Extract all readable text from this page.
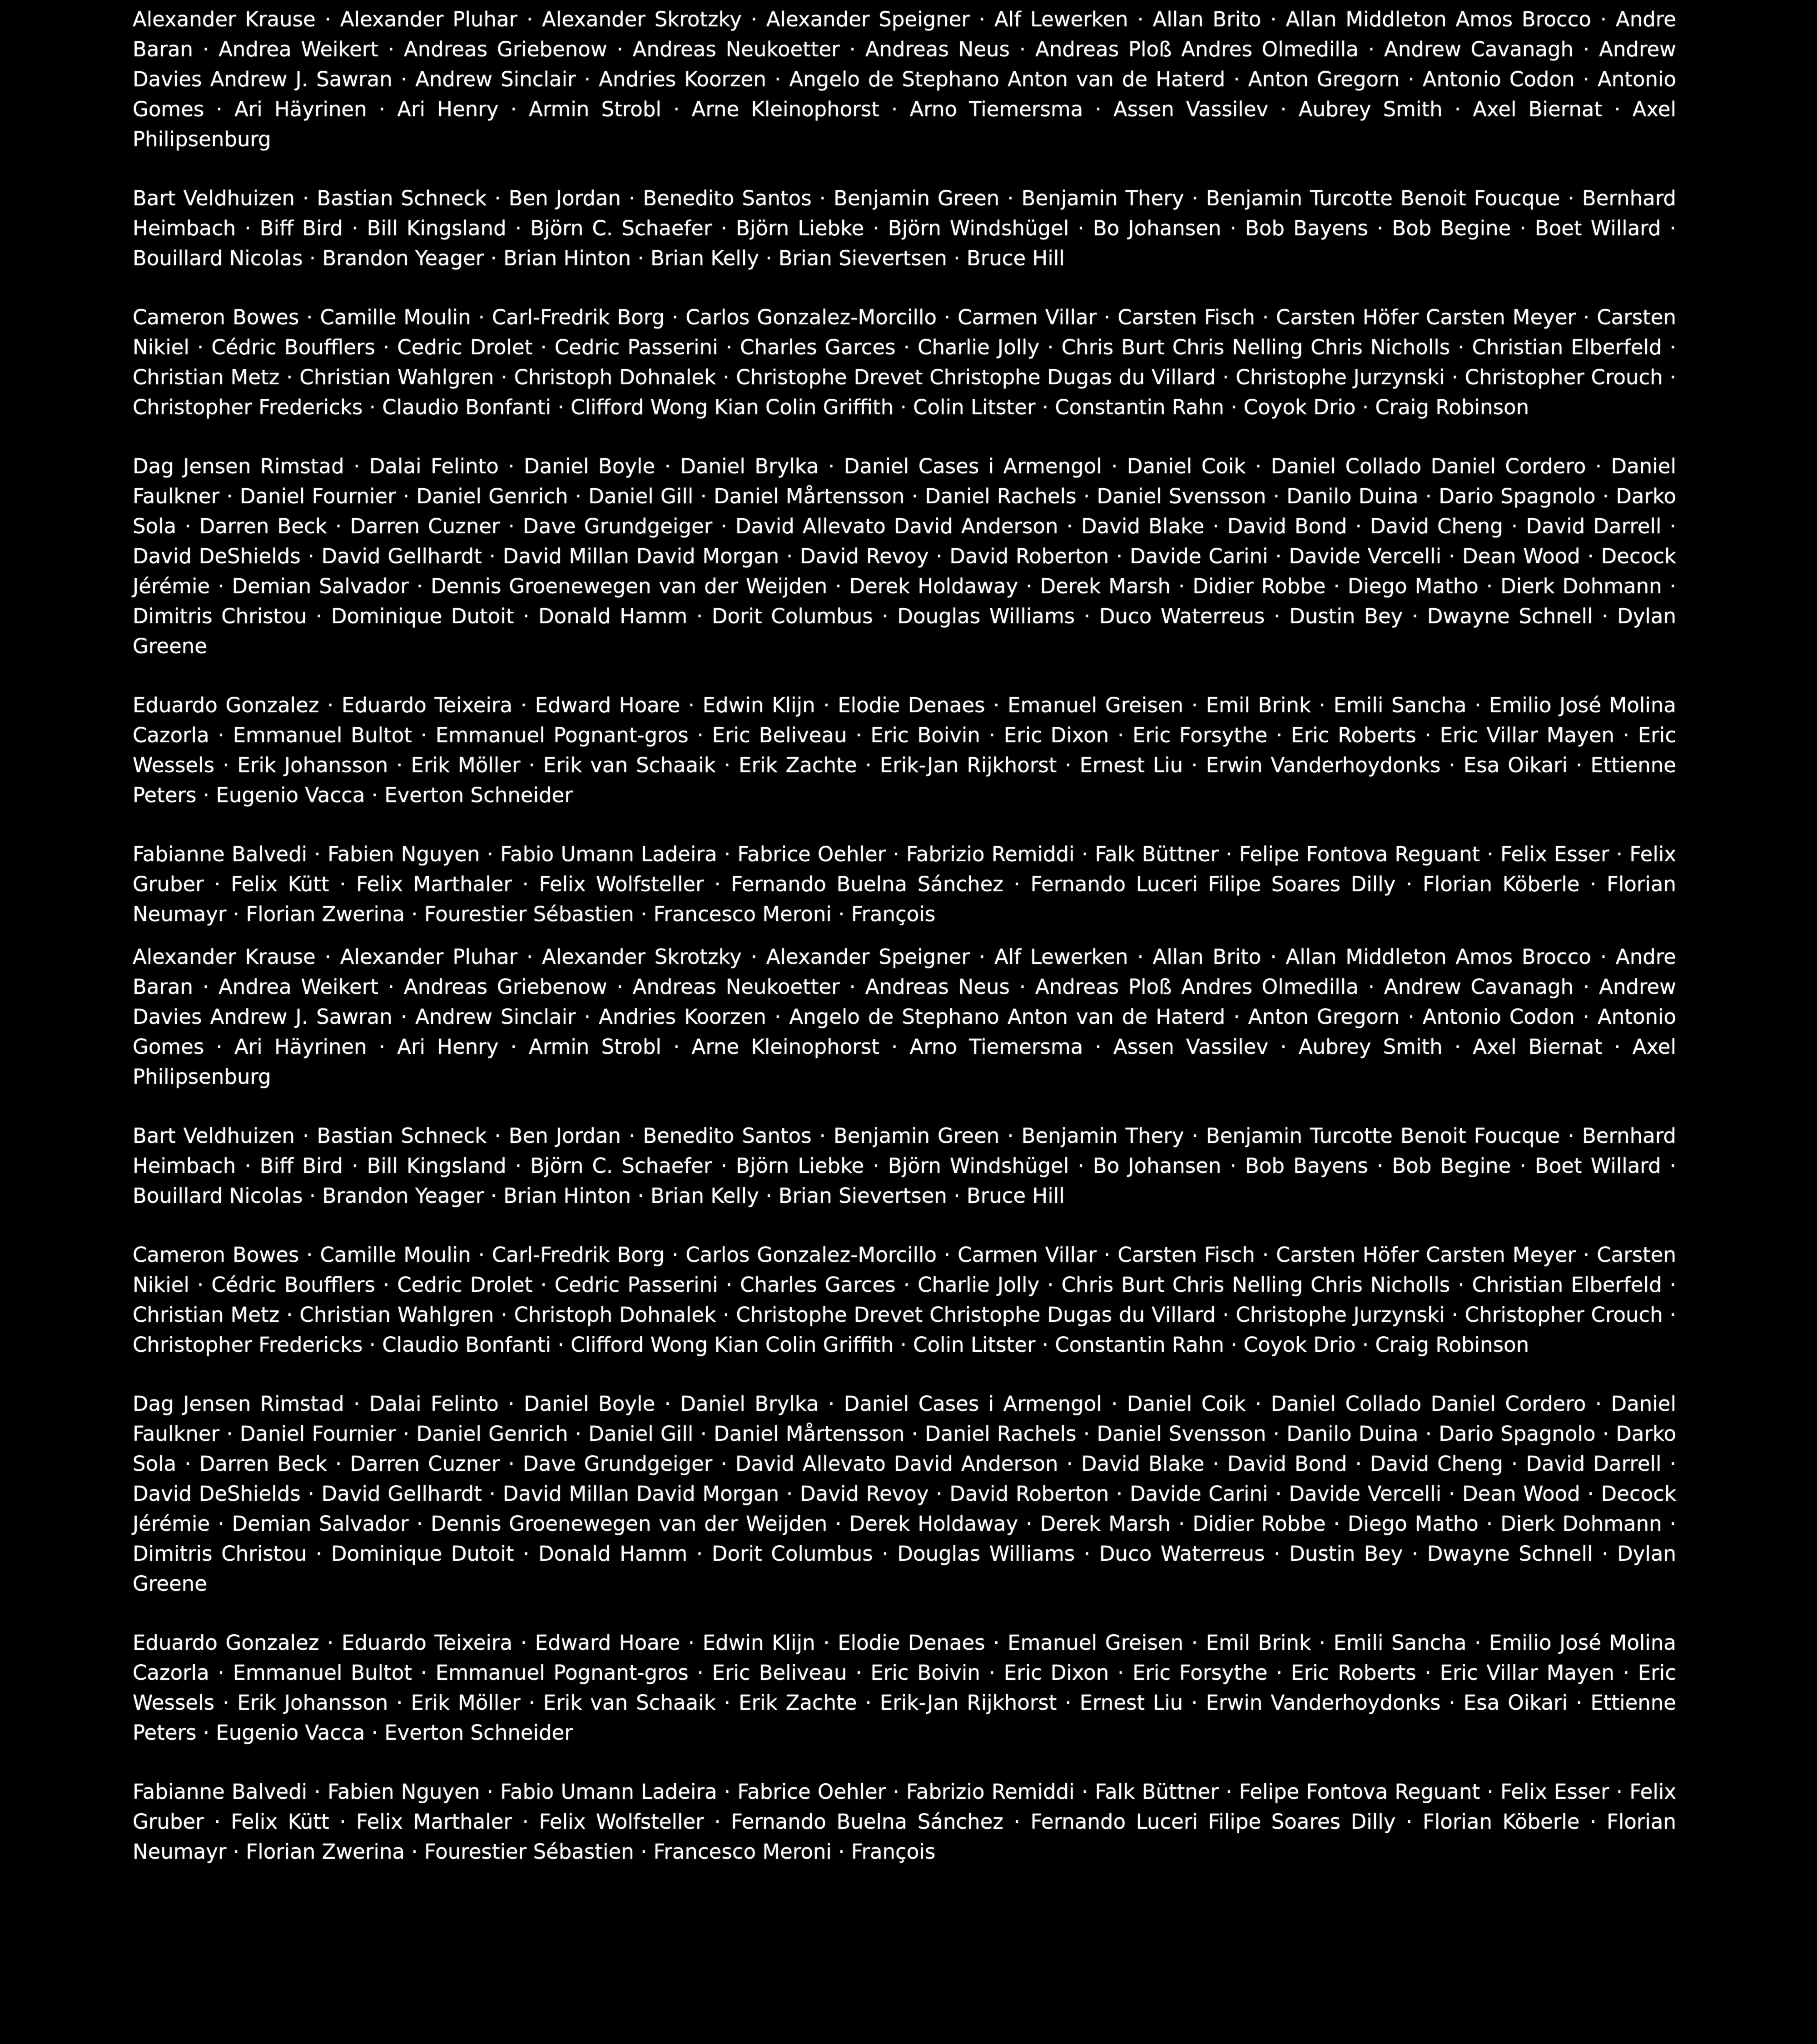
Alexander Krause · Alexander Pluhar · Alexander Skrotzky · Alexander Speigner · Alf Lewerken · Allan Brito · Allan Middleton Amos Brocco · Andre Baran · Andrea Weikert · Andreas Griebenow · Andreas Neukoetter · Andreas Neus · Andreas Ploß Andres Olmedilla · Andrew Cavanagh · Andrew Davies Andrew J. Sawran · Andrew Sinclair · Andries Koorzen · Angelo de Stephano Anton van de Haterd · Anton Gregorn · Antonio Codon · Antonio Gomes · Ari Häyrinen · Ari Henry · Armin Strobl · Arne Kleinophorst · Arno Tiemersma · Assen Vassilev · Aubrey Smith · Axel Biernat · Axel Philipsenburg

Bart Veldhuizen · Bastian Schneck · Ben Jordan · Benedito Santos · Benjamin Green · Benjamin Thery · Benjamin Turcotte Benoit Foucque · Bernhard Heimbach · Biff Bird · Bill Kingsland · Björn C. Schaefer · Björn Liebke · Björn Windshügel · Bo Johansen · Bob Bayens · Bob Begine · Boet Willard · Bouillard Nicolas · Brandon Yeager · Brian Hinton · Brian Kelly · Brian Sievertsen · Bruce Hill

Cameron Bowes · Camille Moulin · Carl-Fredrik Borg · Carlos Gonzalez-Morcillo · Carmen Villar · Carsten Fisch · Carsten Höfer Carsten Meyer · Carsten Nikiel · Cédric Boufflers · Cedric Drolet · Cedric Passerini · Charles Garces · Charlie Jolly · Chris Burt Chris Nelling Chris Nicholls · Christian Elberfeld · Christian Metz · Christian Wahlgren · Christoph Dohnalek · Christophe Drevet Christophe Dugas du Villard · Christophe Jurzynski · Christopher Crouch · Christopher Fredericks · Claudio Bonfanti · Clifford Wong Kian Colin Griffith · Colin Litster · Constantin Rahn · Coyok Drio · Craig Robinson

Dag Jensen Rimstad · Dalai Felinto · Daniel Boyle · Daniel Brylka · Daniel Cases i Armengol · Daniel Coik · Daniel Collado Daniel Cordero · Daniel Faulkner · Daniel Fournier · Daniel Genrich · Daniel Gill · Daniel Mårtensson · Daniel Rachels · Daniel Svensson · Danilo Duina · Dario Spagnolo · Darko Sola · Darren Beck · Darren Cuzner · Dave Grundgeiger · David Allevato David Anderson · David Blake · David Bond · David Cheng · David Darrell · David DeShields · David Gellhardt · David Millan David Morgan · David Revoy · David Roberton · Davide Carini · Davide Vercelli · Dean Wood · Decock Jérémie · Demian Salvador · Dennis Groenewegen van der Weijden · Derek Holdaway · Derek Marsh · Didier Robbe · Diego Matho · Dierk Dohmann · Dimitris Christou · Dominique Dutoit · Donald Hamm · Dorit Columbus · Douglas Williams · Duco Waterreus · Dustin Bey · Dwayne Schnell · Dylan Greene

Eduardo Gonzalez · Eduardo Teixeira · Edward Hoare · Edwin Klijn · Elodie Denaes · Emanuel Greisen · Emil Brink · Emili Sancha · Emilio José Molina Cazorla · Emmanuel Bultot · Emmanuel Pognant-gros · Eric Beliveau · Eric Boivin · Eric Dixon · Eric Forsythe · Eric Roberts · Eric Villar Mayen · Eric Wessels · Erik Johansson · Erik Möller · Erik van Schaaik · Erik Zachte · Erik-Jan Rijkhorst · Ernest Liu · Erwin Vanderhoydonks · Esa Oikari · Ettienne Peters · Eugenio Vacca · Everton Schneider

Fabianne Balvedi · Fabien Nguyen · Fabio Umann Ladeira · Fabrice Oehler · Fabrizio Remiddi · Falk Büttner · Felipe Fontova Reguant · Felix Esser · Felix Gruber · Felix Kütt · Felix Marthaler · Felix Wolfsteller · Fernando Buelna Sánchez · Fernando Luceri Filipe Soares Dilly · Florian Köberle · Florian Neumayr · Florian Zwerina · Fourestier Sébastien · Francesco Meroni · François

Alexander Krause · Alexander Pluhar · Alexander Skrotzky · Alexander Speigner · Alf Lewerken · Allan Brito · Allan Middleton Amos Brocco · Andre Baran · Andrea Weikert · Andreas Griebenow · Andreas Neukoetter · Andreas Neus · Andreas Ploß Andres Olmedilla · Andrew Cavanagh · Andrew Davies Andrew J. Sawran · Andrew Sinclair · Andries Koorzen · Angelo de Stephano Anton van de Haterd · Anton Gregorn · Antonio Codon · Antonio Gomes · Ari Häyrinen · Ari Henry · Armin Strobl · Arne Kleinophorst · Arno Tiemersma · Assen Vassilev · Aubrey Smith · Axel Biernat · Axel Philipsenburg

Bart Veldhuizen · Bastian Schneck · Ben Jordan · Benedito Santos · Benjamin Green · Benjamin Thery · Benjamin Turcotte Benoit Foucque · Bernhard Heimbach · Biff Bird · Bill Kingsland · Björn C. Schaefer · Björn Liebke · Björn Windshügel · Bo Johansen · Bob Bayens · Bob Begine · Boet Willard · Bouillard Nicolas · Brandon Yeager · Brian Hinton · Brian Kelly · Brian Sievertsen · Bruce Hill

Cameron Bowes · Camille Moulin · Carl-Fredrik Borg · Carlos Gonzalez-Morcillo · Carmen Villar · Carsten Fisch · Carsten Höfer Carsten Meyer · Carsten Nikiel · Cédric Boufflers · Cedric Drolet · Cedric Passerini · Charles Garces · Charlie Jolly · Chris Burt Chris Nelling Chris Nicholls · Christian Elberfeld · Christian Metz · Christian Wahlgren · Christoph Dohnalek · Christophe Drevet Christophe Dugas du Villard · Christophe Jurzynski · Christopher Crouch · Christopher Fredericks · Claudio Bonfanti · Clifford Wong Kian Colin Griffith · Colin Litster · Constantin Rahn · Coyok Drio · Craig Robinson

Dag Jensen Rimstad · Dalai Felinto · Daniel Boyle · Daniel Brylka · Daniel Cases i Armengol · Daniel Coik · Daniel Collado Daniel Cordero · Daniel Faulkner · Daniel Fournier · Daniel Genrich · Daniel Gill · Daniel Mårtensson · Daniel Rachels · Daniel Svensson · Danilo Duina · Dario Spagnolo · Darko Sola · Darren Beck · Darren Cuzner · Dave Grundgeiger · David Allevato David Anderson · David Blake · David Bond · David Cheng · David Darrell · David DeShields · David Gellhardt · David Millan David Morgan · David Revoy · David Roberton · Davide Carini · Davide Vercelli · Dean Wood · Decock Jérémie · Demian Salvador · Dennis Groenewegen van der Weijden · Derek Holdaway · Derek Marsh · Didier Robbe · Diego Matho · Dierk Dohmann · Dimitris Christou · Dominique Dutoit · Donald Hamm · Dorit Columbus · Douglas Williams · Duco Waterreus · Dustin Bey · Dwayne Schnell · Dylan Greene

Eduardo Gonzalez · Eduardo Teixeira · Edward Hoare · Edwin Klijn · Elodie Denaes · Emanuel Greisen · Emil Brink · Emili Sancha · Emilio José Molina Cazorla · Emmanuel Bultot · Emmanuel Pognant-gros · Eric Beliveau · Eric Boivin · Eric Dixon · Eric Forsythe · Eric Roberts · Eric Villar Mayen · Eric Wessels · Erik Johansson · Erik Möller · Erik van Schaaik · Erik Zachte · Erik-Jan Rijkhorst · Ernest Liu · Erwin Vanderhoydonks · Esa Oikari · Ettienne Peters · Eugenio Vacca · Everton Schneider

Fabianne Balvedi · Fabien Nguyen · Fabio Umann Ladeira · Fabrice Oehler · Fabrizio Remiddi · Falk Büttner · Felipe Fontova Reguant · Felix Esser · Felix Gruber · Felix Kütt · Felix Marthaler · Felix Wolfsteller · Fernando Buelna Sánchez · Fernando Luceri Filipe Soares Dilly · Florian Köberle · Florian Neumayr · Florian Zwerina · Fourestier Sébastien · Francesco Meroni · François
